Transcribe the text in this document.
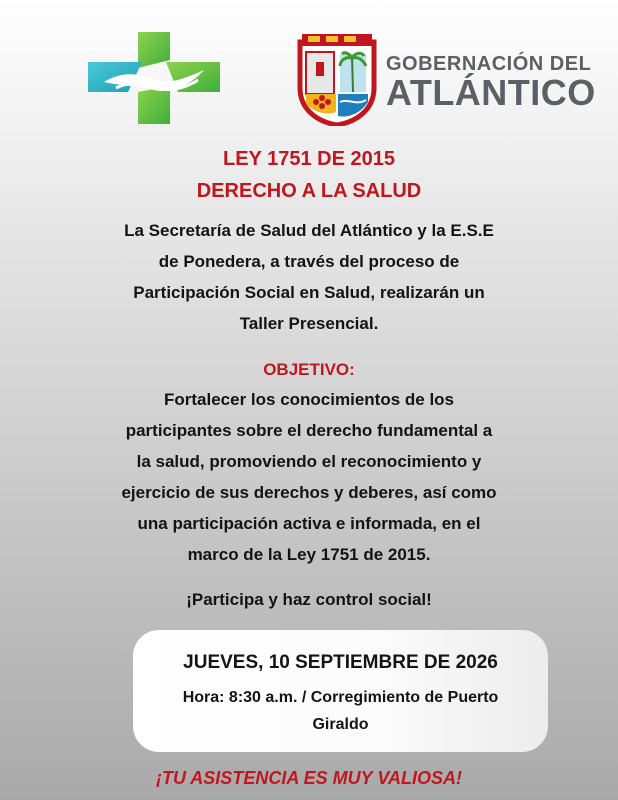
GOBERNACIÓN DEL
ATLÁNTICO
LEY 1751 DE 2015
DERECHO A LA SALUD
La Secretaría de Salud del Atlántico y la E.S.E
de Ponedera, a través del proceso de
Participación Social en Salud, realizarán un
Taller Presencial.
OBJETIVO:
Fortalecer los conocimientos de los
participantes sobre el derecho fundamental a
la salud, promoviendo el reconocimiento y
ejercicio de sus derechos y deberes, así como
una participación activa e informada, en el
marco de la Ley 1751 de 2015.
¡Participa y haz control social!
JUEVES, 10 SEPTIEMBRE DE 2026
Hora: 8:30 a.m. / Corregimiento de Puerto
Giraldo
¡TU ASISTENCIA ES MUY VALIOSA!
